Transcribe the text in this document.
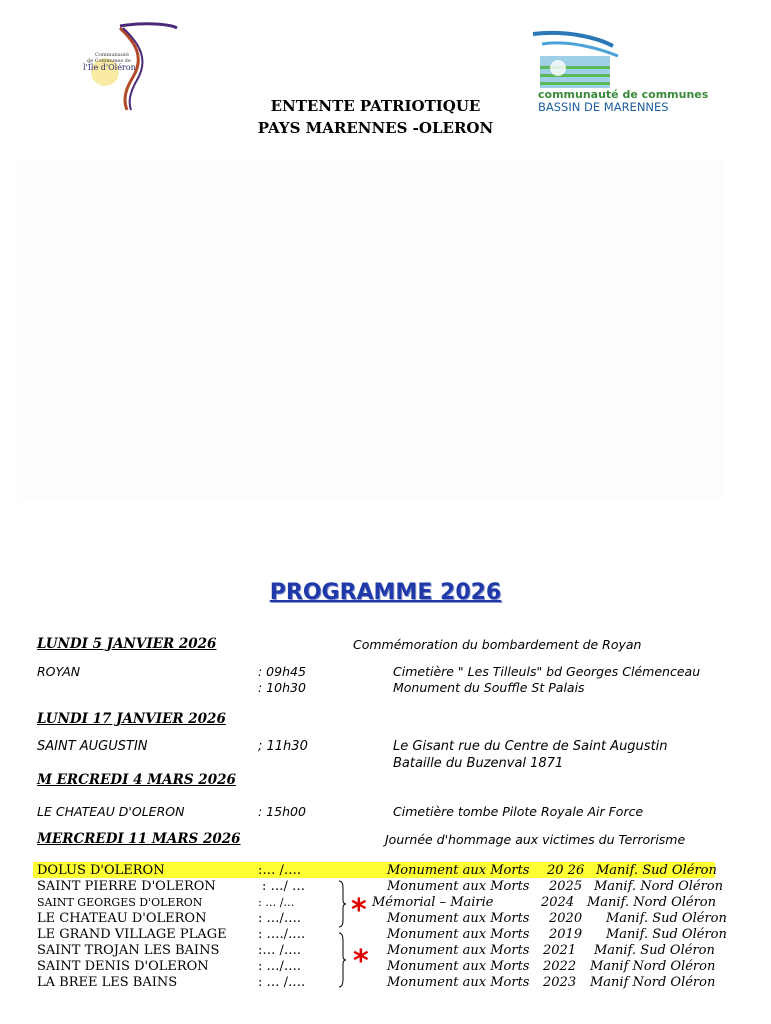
Communauté
de Communes de
l'Île d'Oléron
communauté de communes
BASSIN DE MARENNES
ENTENTE PATRIOTIQUE
PAYS MARENNES -OLERON
PROGRAMME 2026
LUNDI 5 JANVIER 2026	Commémoration du bombardement de Royan
ROYAN	: 09h45	Cimetière " Les Tilleuls" bd Georges Clémenceau
: 10h30	Monument du Souffle St Palais
LUNDI 17 JANVIER 2026
SAINT AUGUSTIN	; 11h30	Le Gisant rue du Centre de Saint Augustin
Bataille du Buzenval 1871
M ERCREDI 4 MARS 2026
LE CHATEAU D'OLERON	: 15h00	Cimetière tombe Pilote Royale Air Force
MERCREDI 11 MARS 2026	Journée d'hommage aux victimes du Terrorisme
DOLUS D'OLERON	:… /….	Monument aux Morts 20 26 Manif. Sud Oléron
SAINT PIERRE D'OLERON	: …/ …	Monument aux Morts 2025 Manif. Nord Oléron
SAINT GEORGES D'OLERON	: … /…	Mémorial – Mairie	2024 Manif. Nord Oléron
LE CHATEAU D'OLERON	: …/….	Monument aux Morts 2020 Manif. Sud Oléron
LE GRAND VILLAGE PLAGE : …./….	Monument aux Morts 2019 Manif. Sud Oléron
SAINT TROJAN LES BAINS	:… /….	Monument aux Morts 2021 Manif. Sud Oléron
SAINT DENIS D'OLERON	: …/….	Monument aux Morts 2022 Manif Nord Oléron
LA BREE LES BAINS	: … /….	Monument aux Morts 2023 Manif Nord Oléron
*
*
